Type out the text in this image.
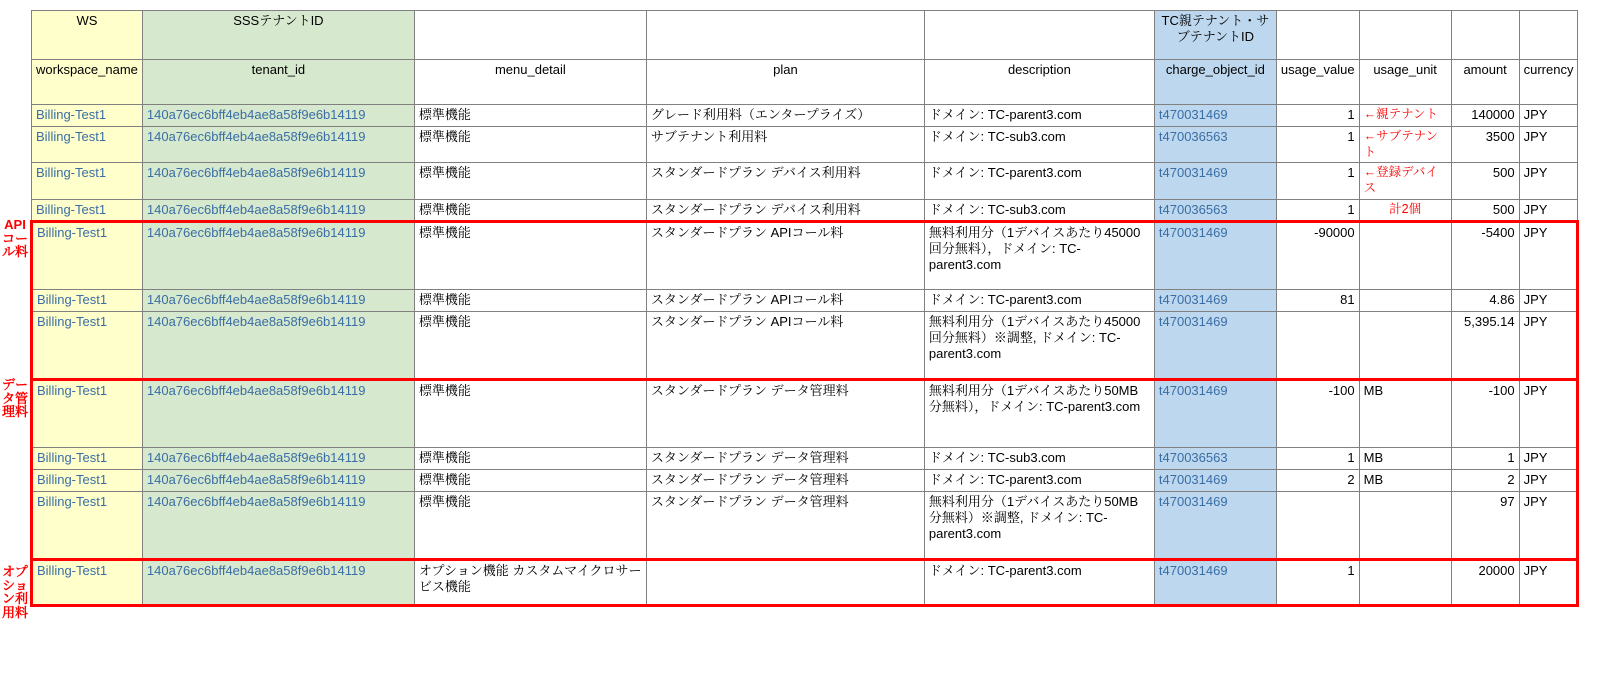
APIコール料
データ管理料
オプション利用料
WS	SSSテナントID				TC親テナント・サブテナントID				
workspace_name	tenant_id	menu_detail	plan	description	charge_object_id	usage_value	usage_unit	amount	currency
Billing-Test1	140a76ec6bff4eb4ae8a58f9e6b14119	標準機能	グレード利用料（エンタープライズ）	ドメイン: TC-parent3.com	t470031469	1	←親テナント	140000	JPY
Billing-Test1	140a76ec6bff4eb4ae8a58f9e6b14119	標準機能	サブテナント利用料	ドメイン: TC-sub3.com	t470036563	1	←サブテナント	3500	JPY
Billing-Test1	140a76ec6bff4eb4ae8a58f9e6b14119	標準機能	スタンダードプラン デバイス利用料	ドメイン: TC-parent3.com	t470031469	1	←登録デバイス	500	JPY
Billing-Test1	140a76ec6bff4eb4ae8a58f9e6b14119	標準機能	スタンダードプラン デバイス利用料	ドメイン: TC-sub3.com	t470036563	1	計2個	500	JPY
Billing-Test1	140a76ec6bff4eb4ae8a58f9e6b14119	標準機能	スタンダードプラン APIコール料	無料利用分（1デバイスあたり45000回分無料），ドメイン: TC-parent3.com	t470031469	-90000		-5400	JPY
Billing-Test1	140a76ec6bff4eb4ae8a58f9e6b14119	標準機能	スタンダードプラン APIコール料	ドメイン: TC-parent3.com	t470031469	81		4.86	JPY
Billing-Test1	140a76ec6bff4eb4ae8a58f9e6b14119	標準機能	スタンダードプラン APIコール料	無料利用分（1デバイスあたり45000回分無料）※調整, ドメイン: TC-parent3.com	t470031469			5,395.14	JPY
Billing-Test1	140a76ec6bff4eb4ae8a58f9e6b14119	標準機能	スタンダードプラン データ管理料	無料利用分（1デバイスあたり50MB分無料），ドメイン: TC-parent3.com	t470031469	-100	MB	-100	JPY
Billing-Test1	140a76ec6bff4eb4ae8a58f9e6b14119	標準機能	スタンダードプラン データ管理料	ドメイン: TC-sub3.com	t470036563	1	MB	1	JPY
Billing-Test1	140a76ec6bff4eb4ae8a58f9e6b14119	標準機能	スタンダードプラン データ管理料	ドメイン: TC-parent3.com	t470031469	2	MB	2	JPY
Billing-Test1	140a76ec6bff4eb4ae8a58f9e6b14119	標準機能	スタンダードプラン データ管理料	無料利用分（1デバイスあたり50MB分無料）※調整, ドメイン: TC-parent3.com	t470031469			97	JPY
Billing-Test1	140a76ec6bff4eb4ae8a58f9e6b14119	オプション機能 カスタムマイクロサービス機能		ドメイン: TC-parent3.com	t470031469	1		20000	JPY
